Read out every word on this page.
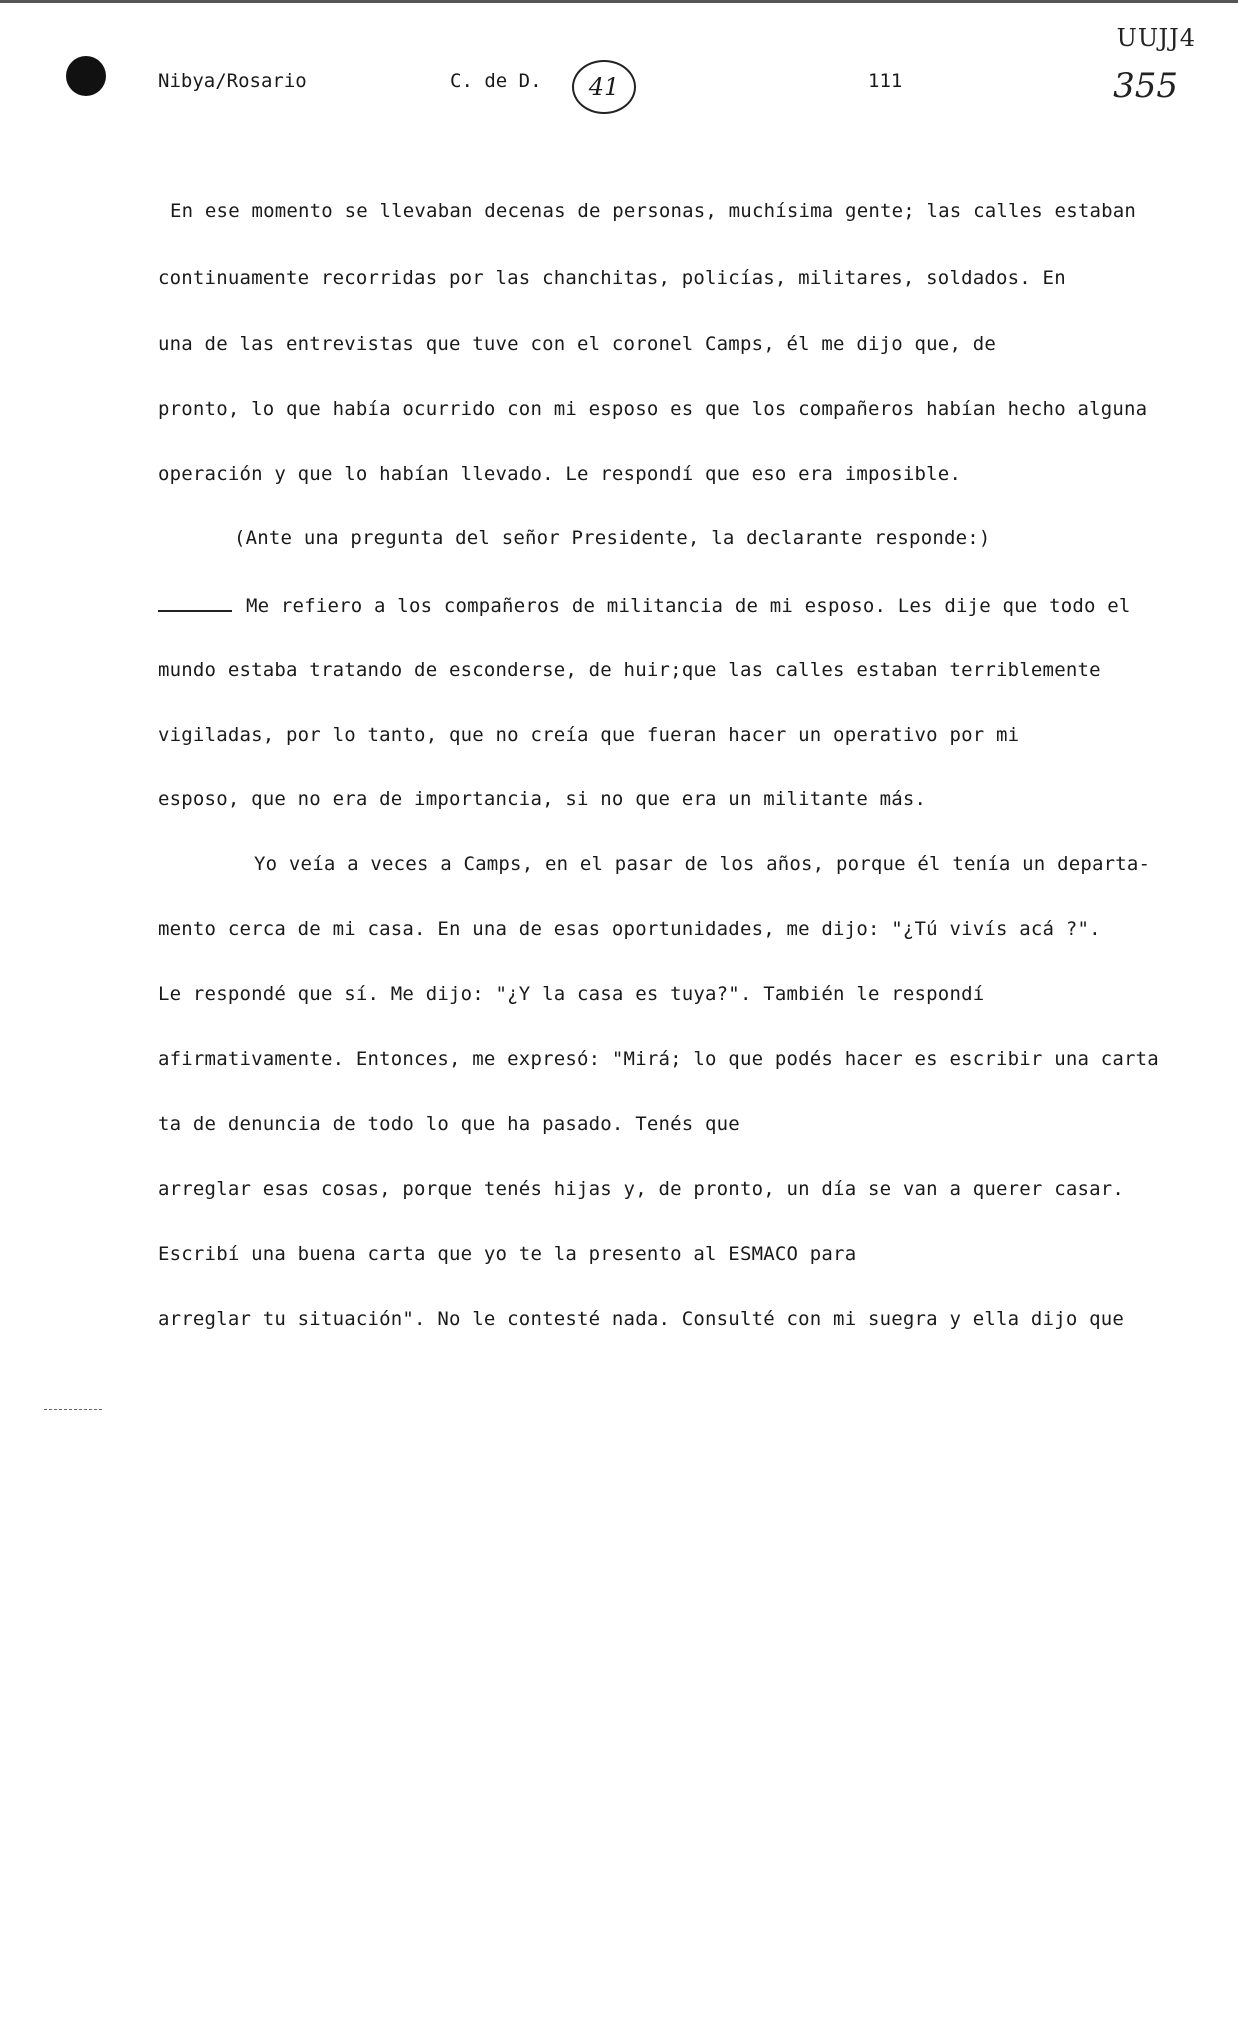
Nibya/Rosario	C. de D.	41	111
UUJJ4
355
En ese momento se llevaban decenas de personas, muchísima gente; las calles estaban
continuamente recorridas por las chanchitas, policías, militares, soldados. En
una de las entrevistas que tuve con el coronel Camps, él me dijo que, de
pronto, lo que había ocurrido con mi esposo es que los compañeros habían hecho alguna
operación y que lo habían llevado. Le respondí que eso era imposible.
(Ante una pregunta del señor Presidente, la declarante responde:)
Me refiero a los compañeros de militancia de mi esposo. Les dije que todo el
mundo estaba tratando de esconderse, de huir;que las calles estaban terriblemente
vigiladas, por lo tanto, que no creía que fueran hacer un operativo por mi
esposo, que no era de importancia, si no que era un militante más.
Yo veía a veces a Camps, en el pasar de los años, porque él tenía un departa-
mento cerca de mi casa. En una de esas oportunidades, me dijo: "¿Tú vivís acá ?".
Le respondé que sí. Me dijo: "¿Y la casa es tuya?". También le respondí
afirmativamente. Entonces, me expresó: "Mirá; lo que podés hacer es escribir una carta
ta de denuncia de todo lo que ha pasado. Tenés que
arreglar esas cosas, porque tenés hijas y, de pronto, un día se van a querer casar.
Escribí una buena carta que yo te la presento al ESMACO para
arreglar tu situación". No le contesté nada. Consulté con mi suegra y ella dijo que
